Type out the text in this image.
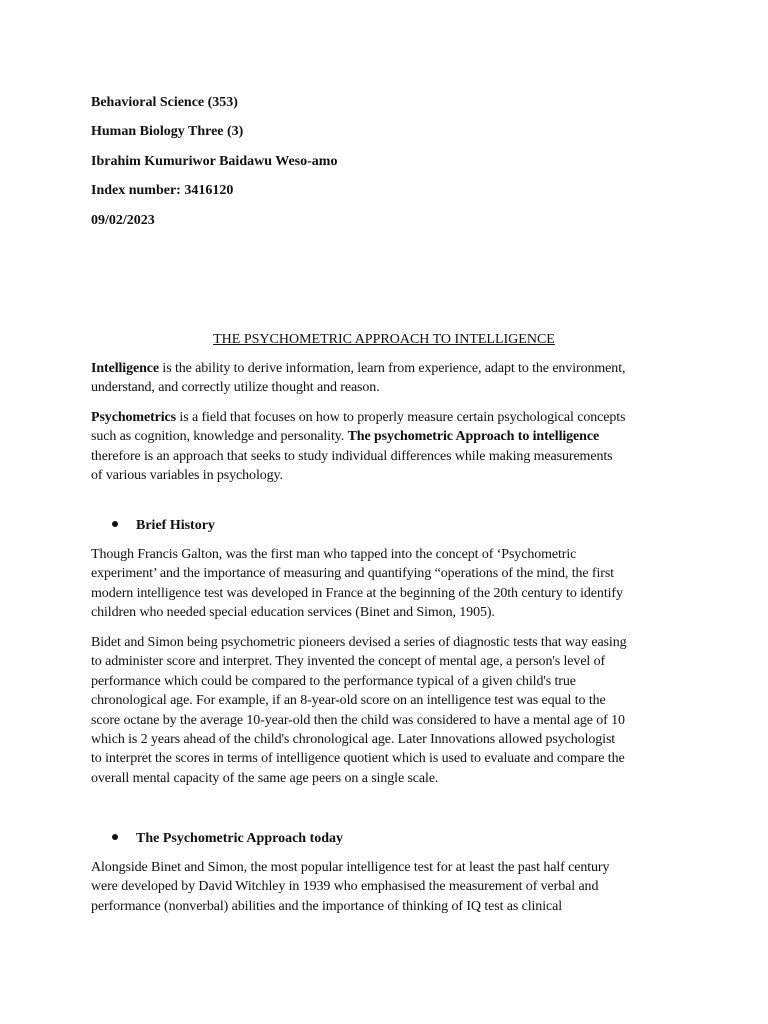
Behavioral Science (353)
Human Biology Three (3)
Ibrahim Kumuriwor Baidawu Weso-amo
Index number: 3416120
09/02/2023
THE PSYCHOMETRIC APPROACH TO INTELLIGENCE
Intelligence is the ability to derive information, learn from experience, adapt to the environment,
understand, and correctly utilize thought and reason.
Psychometrics is a field that focuses on how to properly measure certain psychological concepts
such as cognition, knowledge and personality. The psychometric Approach to intelligence
therefore is an approach that seeks to study individual differences while making measurements
of various variables in psychology.
Brief History
Though Francis Galton, was the first man who tapped into the concept of ‘Psychometric
experiment’ and the importance of measuring and quantifying “operations of the mind, the first
modern intelligence test was developed in France at the beginning of the 20th century to identify
children who needed special education services (Binet and Simon, 1905).
Bidet and Simon being psychometric pioneers devised a series of diagnostic tests that way easing
to administer score and interpret. They invented the concept of mental age, a person's level of
performance which could be compared to the performance typical of a given child's true
chronological age. For example, if an 8-year-old score on an intelligence test was equal to the
score octane by the average 10-year-old then the child was considered to have a mental age of 10
which is 2 years ahead of the child's chronological age. Later Innovations allowed psychologist
to interpret the scores in terms of intelligence quotient which is used to evaluate and compare the
overall mental capacity of the same age peers on a single scale.
The Psychometric Approach today
Alongside Binet and Simon, the most popular intelligence test for at least the past half century
were developed by David Witchley in 1939 who emphasised the measurement of verbal and
performance (nonverbal) abilities and the importance of thinking of IQ test as clinical
